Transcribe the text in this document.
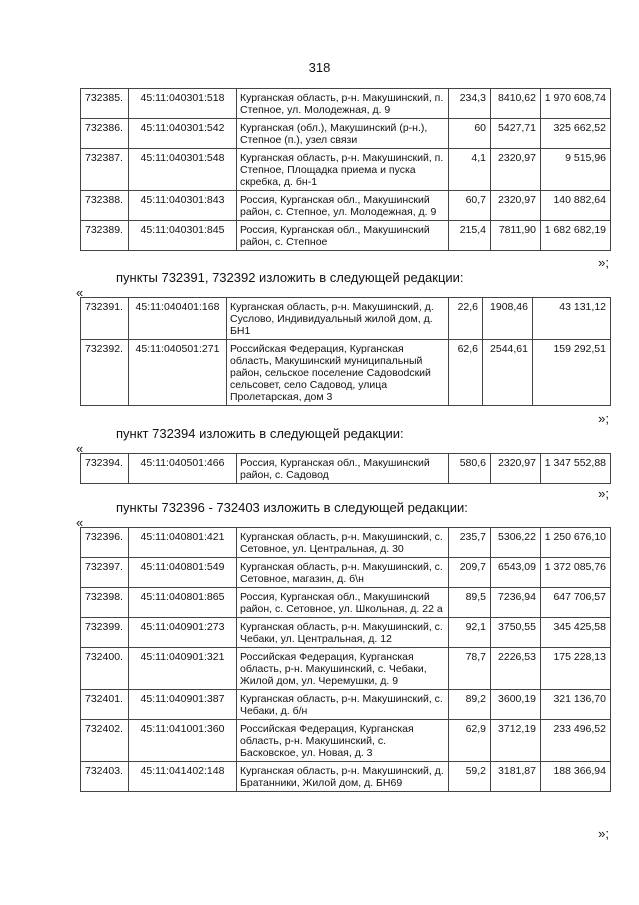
318
732385.	45:11:040301:518	Курганская область, р-н. Макушинский, п. Степное, ул. Молодежная, д. 9	234,3	8410,62	1 970 608,74
732386.	45:11:040301:542	Курганская (обл.), Макушинский (р-н.), Степное (п.), узел связи	60	5427,71	325 662,52
732387.	45:11:040301:548	Курганская область, р-н. Макушинский, п. Степное, Площадка приема и пуска скребка, д. бн-1	4,1	2320,97	9 515,96
732388.	45:11:040301:843	Россия, Курганская обл., Макушинский район, с. Степное, ул. Молодежная, д. 9	60,7	2320,97	140 882,64
732389.	45:11:040301:845	Россия, Курганская обл., Макушинский район, с. Степное	215,4	7811,90	1 682 682,19
»;
пункты 732391, 732392 изложить в следующей редакции:
«
732391.	45:11:040401:168	Курганская область, р-н. Макушинский, д. Суслово, Индивидуальный жилой дом, д. БН1	22,6	1908,46	43 131,12
732392.	45:11:040501:271	Российская Федерация, Курганская область, Макушинский муниципальный район, сельское поселение Садовodский сельсовет, село Садовод, улица Пролетарская, дом 3	62,6	2544,61	159 292,51
»;
пункт 732394 изложить в следующей редакции:
«
732394.	45:11:040501:466	Россия, Курганская обл., Макушинский район, с. Садовод	580,6	2320,97	1 347 552,88
»;
пункты 732396 - 732403 изложить в следующей редакции:
«
732396.	45:11:040801:421	Курганская область, р-н. Макушинский, с. Сетовное, ул. Центральная, д. 30	235,7	5306,22	1 250 676,10
732397.	45:11:040801:549	Курганская область, р-н. Макушинский, с. Сетовное, магазин, д. б\н	209,7	6543,09	1 372 085,76
732398.	45:11:040801:865	Россия, Курганская обл., Макушинский район, с. Сетовное, ул. Школьная, д. 22 а	89,5	7236,94	647 706,57
732399.	45:11:040901:273	Курганская область, р-н. Макушинский, с. Чебаки, ул. Центральная, д. 12	92,1	3750,55	345 425,58
732400.	45:11:040901:321	Российская Федерация, Курганская область, р-н. Макушинский, с. Чебаки, Жилой дом, ул. Черемушки, д. 9	78,7	2226,53	175 228,13
732401.	45:11:040901:387	Курганская область, р-н. Макушинский, с. Чебаки, д. б/н	89,2	3600,19	321 136,70
732402.	45:11:041001:360	Российская Федерация, Курганская область, р-н. Макушинский, с. Басковское, ул. Новая, д. 3	62,9	3712,19	233 496,52
732403.	45:11:041402:148	Курганская область, р-н. Макушинский, д. Братанники, Жилой дом, д. БН69	59,2	3181,87	188 366,94
»;
